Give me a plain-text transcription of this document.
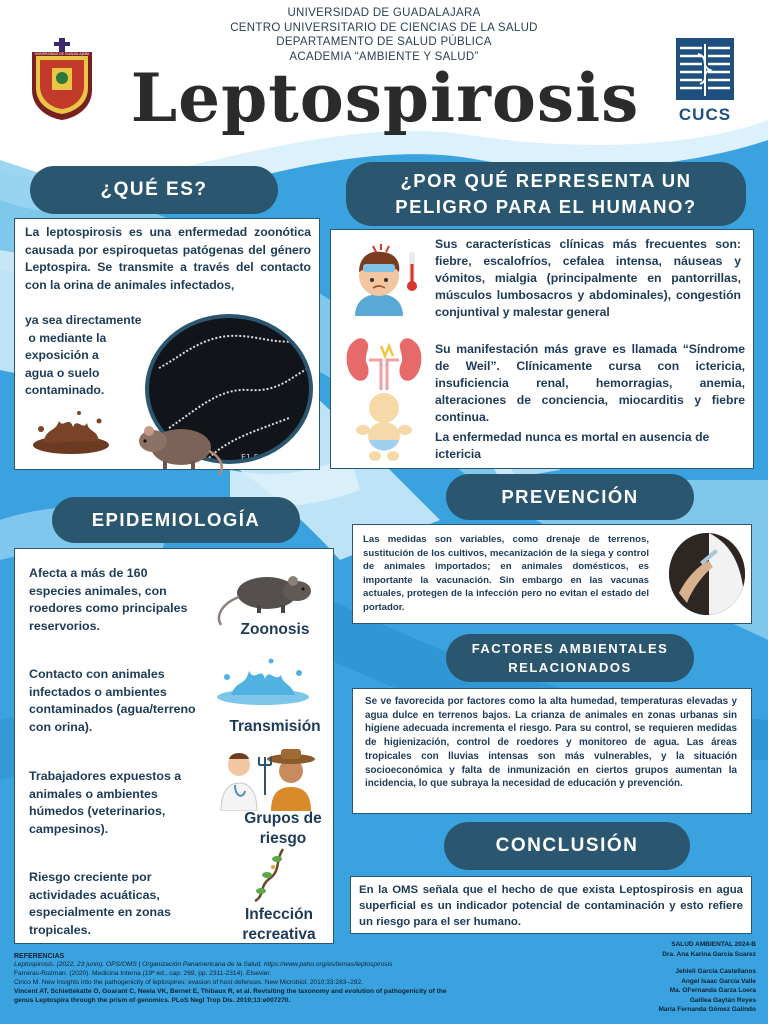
UNIVERSIDAD DE GUADALAJARA
UNIVERSIDAD DE GUADALAJARA
CENTRO UNIVERSITARIO DE CIENCIAS DE LA SALUD
DEPARTAMENTO DE SALUD PÚBLICA
ACADEMIA “AMBIENTE Y SALUD”
Leptospirosis CUCS
¿QUÉ ES?
La leptospirosis es una enfermedad zoonótica causada por espiroquetas patógenas del género Leptospira. Se transmite a través del contacto con la orina de animales infectados,
ya sea directamente
o mediante la
exposición a
agua o suelo
contaminado.
E1.5 kV
¿POR QUÉ REPRESENTA UN
PELIGRO PARA EL HUMANO?
Sus características clínicas más frecuentes son: fiebre, escalofríos, cefalea intensa, náuseas y vómitos, mialgia (principalmente en pantorrillas, músculos lumbosacros y abdominales), congestión conjuntival y malestar general
Su manifestación más grave es llamada “Síndrome de Weil”. Clínicamente cursa con ictericia, insuficiencia renal, hemorragias, anemia, alteraciones de conciencia, miocarditis y fiebre continua.
La enfermedad nunca es mortal en ausencia de ictericia
EPIDEMIOLOGÍA
Afecta a más de 160 especies animales, con roedores como principales reservorios.	Zoonosis
Contacto con animales infectados o ambientes contaminados (agua/terreno con orina).	Transmisión
Trabajadores expuestos a animales o ambientes húmedos (veterinarios, campesinos).
Grupos de riesgo
Riesgo creciente por actividades acuáticas, especialmente en zonas tropicales.
Infección recreativa
PREVENCIÓN
Las medidas son variables, como drenaje de terrenos, sustitución de los cultivos, mecanización de la siega y control de animales importados; en animales domésticos, es importante la vacunación. Sin embargo en las vacunas actuales, protegen de la infección pero no evitan el estado del portador.
FACTORES AMBIENTALES
RELACIONADOS
Se ve favorecida por factores como la alta humedad, temperaturas elevadas y agua dulce en terrenos bajos. La crianza de animales en zonas urbanas sin higiene adecuada incrementa el riesgo. Para su control, se requieren medidas de higienización, control de roedores y monitoreo de agua. Las áreas tropicales con lluvias intensas son más vulnerables, y la situación socioeconómica y falta de inmunización en ciertos grupos aumentan la incidencia, lo que subraya la necesidad de educación y prevención.
CONCLUSIÓN
En la OMS señala que el hecho de que exista Leptospirosis en agua superficial es un indicador potencial de contaminación y esto refiere un riesgo para el ser humano.
REFERENCIAS
Leptospirosis. (2022, 23 junio). OPS/OMS | Organización Panamericana de la Salud. https://www.paho.org/es/temas/leptospirosis
Farreras-Rozman. (2020). Medicina Interna (19ª ed., cap. 269, pp. 2311-2314). Elsevier.
Cinco M. New insights into the pathogenicity of leptospires: evasion of host defences. New Microbiol. 2010;33:283–292.
Vincent AT, Schiettekatte O, Goarant C, Neela VK, Bernet E, Thibaux R, et al. Revisiting the taxonomy and evolution of pathogenicity of the
genus Leptospira through the prism of genomics. PLoS Negl Trop Dis. 2019;13:e007270.
SALUD AMBIENTAL 2024-B
Dra. Ana Karina García Suarez
Jehieli García Castellanos
Angel Isaac García Valle
Ma. OFernanda Garza Loera
Galilea Gaytán Reyes
María Fernanda Gómez Galindo
